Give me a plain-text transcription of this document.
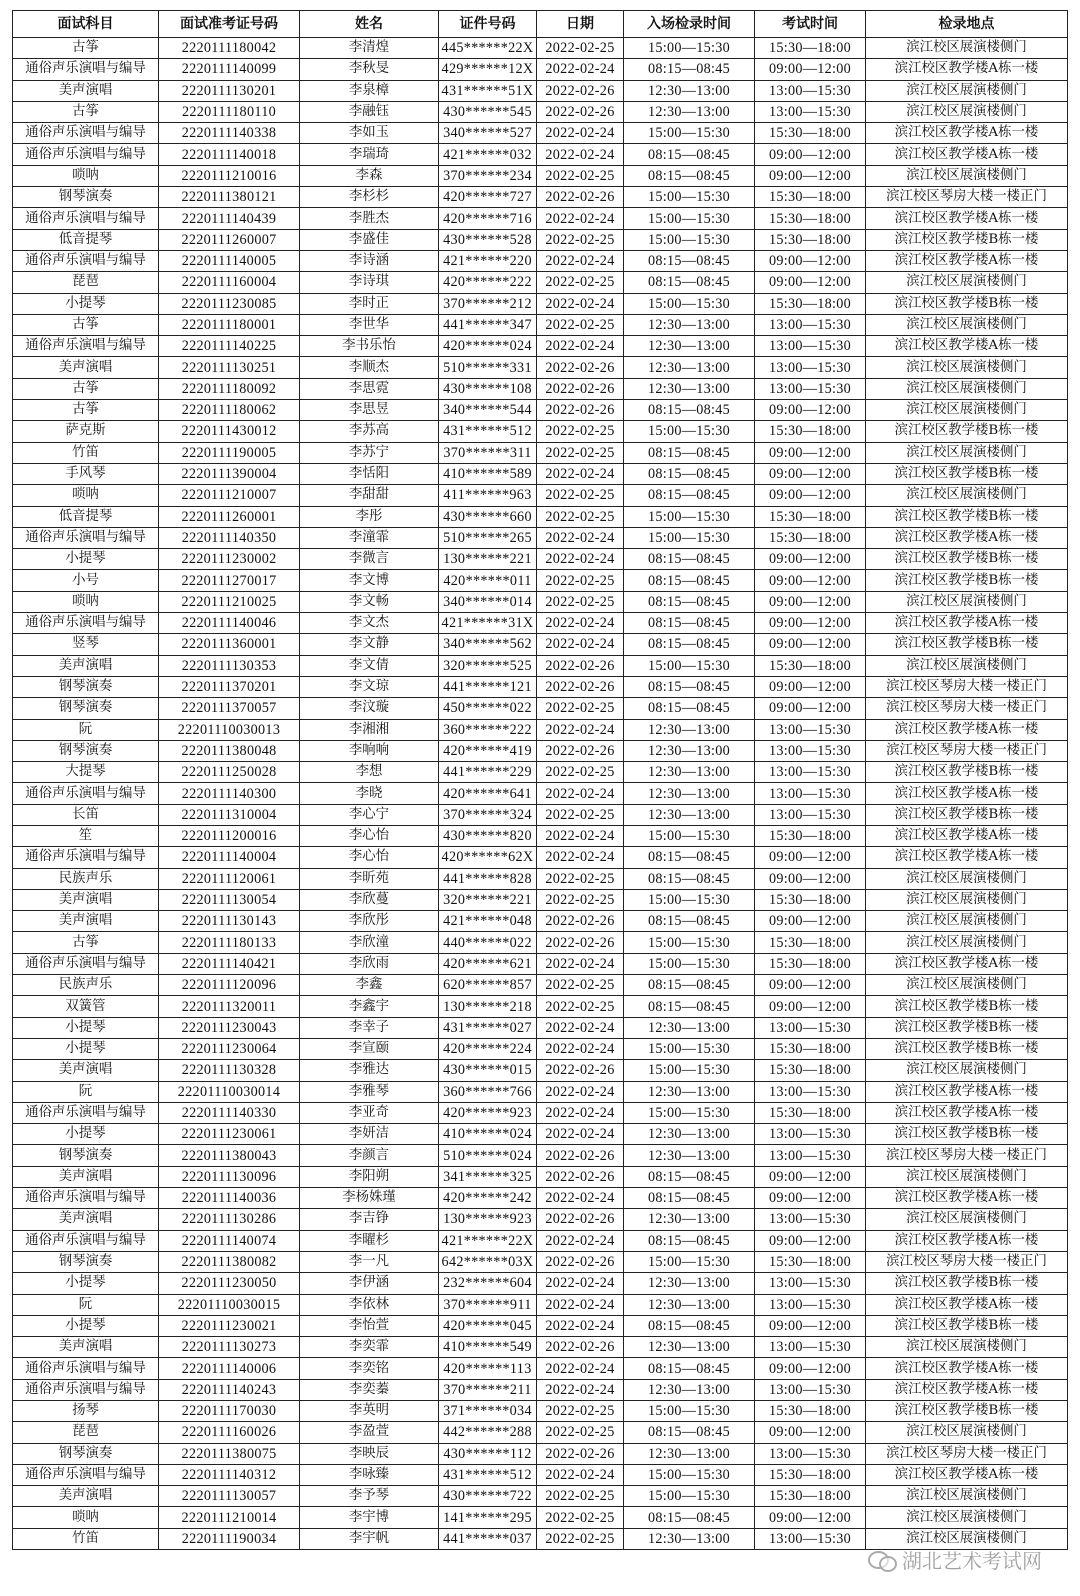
面试科目	面试准考证号码	姓名	证件号码	日期	入场检录时间	考试时间	检录地点
古筝	2220111180042	李清煌	445******22X	2022-02-25	15:00—15:30	15:30—18:00	滨江校区展演楼侧门
通俗声乐演唱与编导	2220111140099	李秋旻	429******12X	2022-02-24	08:15—08:45	09:00—12:00	滨江校区教学楼A栋一楼
美声演唱	2220111130201	李泉樟	431******51X	2022-02-26	12:30—13:00	13:00—15:30	滨江校区展演楼侧门
古筝	2220111180110	李融钰	430******545	2022-02-26	12:30—13:00	13:00—15:30	滨江校区展演楼侧门
通俗声乐演唱与编导	2220111140338	李如玉	340******527	2022-02-24	15:00—15:30	15:30—18:00	滨江校区教学楼A栋一楼
通俗声乐演唱与编导	2220111140018	李瑞琦	421******032	2022-02-24	08:15—08:45	09:00—12:00	滨江校区教学楼A栋一楼
唢呐	2220111210016	李森	370******234	2022-02-25	08:15—08:45	09:00—12:00	滨江校区展演楼侧门
钢琴演奏	2220111380121	李杉杉	420******727	2022-02-26	15:00—15:30	15:30—18:00	滨江校区琴房大楼一楼正门
通俗声乐演唱与编导	2220111140439	李胜杰	420******716	2022-02-24	15:00—15:30	15:30—18:00	滨江校区教学楼A栋一楼
低音提琴	2220111260007	李盛佳	430******528	2022-02-25	15:00—15:30	15:30—18:00	滨江校区教学楼B栋一楼
通俗声乐演唱与编导	2220111140005	李诗涵	421******220	2022-02-24	08:15—08:45	09:00—12:00	滨江校区教学楼A栋一楼
琵琶	2220111160004	李诗琪	420******222	2022-02-25	08:15—08:45	09:00—12:00	滨江校区展演楼侧门
小提琴	2220111230085	李时正	370******212	2022-02-24	15:00—15:30	15:30—18:00	滨江校区教学楼B栋一楼
古筝	2220111180001	李世华	441******347	2022-02-25	12:30—13:00	13:00—15:30	滨江校区展演楼侧门
通俗声乐演唱与编导	2220111140225	李书乐怡	420******024	2022-02-24	12:30—13:00	13:00—15:30	滨江校区教学楼A栋一楼
美声演唱	2220111130251	李顺杰	510******331	2022-02-26	12:30—13:00	13:00—15:30	滨江校区展演楼侧门
古筝	2220111180092	李思霓	430******108	2022-02-26	12:30—13:00	13:00—15:30	滨江校区展演楼侧门
古筝	2220111180062	李思昱	340******544	2022-02-26	08:15—08:45	09:00—12:00	滨江校区展演楼侧门
萨克斯	2220111430012	李苏高	431******512	2022-02-25	15:00—15:30	15:30—18:00	滨江校区教学楼B栋一楼
竹笛	2220111190005	李苏宁	370******311	2022-02-25	08:15—08:45	09:00—12:00	滨江校区展演楼侧门
手风琴	2220111390004	李恬阳	410******589	2022-02-24	08:15—08:45	09:00—12:00	滨江校区教学楼B栋一楼
唢呐	2220111210007	李甜甜	411******963	2022-02-25	08:15—08:45	09:00—12:00	滨江校区展演楼侧门
低音提琴	2220111260001	李彤	430******660	2022-02-25	15:00—15:30	15:30—18:00	滨江校区教学楼B栋一楼
通俗声乐演唱与编导	2220111140350	李潼霏	510******265	2022-02-24	15:00—15:30	15:30—18:00	滨江校区教学楼A栋一楼
小提琴	2220111230002	李微言	130******221	2022-02-24	08:15—08:45	09:00—12:00	滨江校区教学楼B栋一楼
小号	2220111270017	李文博	420******011	2022-02-25	08:15—08:45	09:00—12:00	滨江校区教学楼B栋一楼
唢呐	2220111210025	李文畅	340******014	2022-02-25	08:15—08:45	09:00—12:00	滨江校区展演楼侧门
通俗声乐演唱与编导	2220111140046	李文杰	421******31X	2022-02-24	08:15—08:45	09:00—12:00	滨江校区教学楼A栋一楼
竖琴	2220111360001	李文静	340******562	2022-02-24	08:15—08:45	09:00—12:00	滨江校区教学楼B栋一楼
美声演唱	2220111130353	李文倩	320******525	2022-02-26	15:00—15:30	15:30—18:00	滨江校区展演楼侧门
钢琴演奏	2220111370201	李文琼	441******121	2022-02-26	08:15—08:45	09:00—12:00	滨江校区琴房大楼一楼正门
钢琴演奏	2220111370057	李汶璇	450******022	2022-02-25	08:15—08:45	09:00—12:00	滨江校区琴房大楼一楼正门
阮	22201110030013	李湘湘	360******222	2022-02-24	12:30—13:00	13:00—15:30	滨江校区教学楼A栋一楼
钢琴演奏	2220111380048	李响响	420******419	2022-02-26	12:30—13:00	13:00—15:30	滨江校区琴房大楼一楼正门
大提琴	2220111250028	李想	441******229	2022-02-25	12:30—13:00	13:00—15:30	滨江校区教学楼B栋一楼
通俗声乐演唱与编导	2220111140300	李晓	420******641	2022-02-24	12:30—13:00	13:00—15:30	滨江校区教学楼A栋一楼
长笛	2220111310004	李心宁	370******324	2022-02-25	12:30—13:00	13:00—15:30	滨江校区教学楼B栋一楼
笙	2220111200016	李心怡	430******820	2022-02-24	15:00—15:30	15:30—18:00	滨江校区教学楼A栋一楼
通俗声乐演唱与编导	2220111140004	李心怡	420******62X	2022-02-24	08:15—08:45	09:00—12:00	滨江校区教学楼A栋一楼
民族声乐	2220111120061	李昕苑	441******828	2022-02-25	08:15—08:45	09:00—12:00	滨江校区展演楼侧门
美声演唱	2220111130054	李欣蔓	320******221	2022-02-25	15:00—15:30	15:30—18:00	滨江校区展演楼侧门
美声演唱	2220111130143	李欣彤	421******048	2022-02-26	08:15—08:45	09:00—12:00	滨江校区展演楼侧门
古筝	2220111180133	李欣潼	440******022	2022-02-26	15:00—15:30	15:30—18:00	滨江校区展演楼侧门
通俗声乐演唱与编导	2220111140421	李欣雨	420******621	2022-02-24	15:00—15:30	15:30—18:00	滨江校区教学楼A栋一楼
民族声乐	2220111120096	李鑫	620******857	2022-02-25	08:15—08:45	09:00—12:00	滨江校区展演楼侧门
双簧管	2220111320011	李鑫宇	130******218	2022-02-25	08:15—08:45	09:00—12:00	滨江校区教学楼B栋一楼
小提琴	2220111230043	李幸子	431******027	2022-02-24	12:30—13:00	13:00—15:30	滨江校区教学楼B栋一楼
小提琴	2220111230064	李宣颐	420******224	2022-02-24	15:00—15:30	15:30—18:00	滨江校区教学楼B栋一楼
美声演唱	2220111130328	李雅达	430******015	2022-02-26	15:00—15:30	15:30—18:00	滨江校区展演楼侧门
阮	22201110030014	李雅琴	360******766	2022-02-24	12:30—13:00	13:00—15:30	滨江校区教学楼A栋一楼
通俗声乐演唱与编导	2220111140330	李亚奇	420******923	2022-02-24	15:00—15:30	15:30—18:00	滨江校区教学楼A栋一楼
小提琴	2220111230061	李妍洁	410******024	2022-02-24	12:30—13:00	13:00—15:30	滨江校区教学楼B栋一楼
钢琴演奏	2220111380043	李颜言	510******024	2022-02-26	12:30—13:00	13:00—15:30	滨江校区琴房大楼一楼正门
美声演唱	2220111130096	李阳朔	341******325	2022-02-26	08:15—08:45	09:00—12:00	滨江校区展演楼侧门
通俗声乐演唱与编导	2220111140036	李杨姝瑾	420******242	2022-02-24	08:15—08:45	09:00—12:00	滨江校区教学楼A栋一楼
美声演唱	2220111130286	李吉铮	130******923	2022-02-26	12:30—13:00	13:00—15:30	滨江校区展演楼侧门
通俗声乐演唱与编导	2220111140074	李曜杉	421******22X	2022-02-24	08:15—08:45	09:00—12:00	滨江校区教学楼A栋一楼
钢琴演奏	2220111380082	李一凡	642******03X	2022-02-26	15:00—15:30	15:30—18:00	滨江校区琴房大楼一楼正门
小提琴	2220111230050	李伊涵	232******604	2022-02-24	12:30—13:00	13:00—15:30	滨江校区教学楼B栋一楼
阮	22201110030015	李依林	370******911	2022-02-24	12:30—13:00	13:00—15:30	滨江校区教学楼A栋一楼
小提琴	2220111230021	李怡萱	420******045	2022-02-24	08:15—08:45	09:00—12:00	滨江校区教学楼B栋一楼
美声演唱	2220111130273	李奕霏	410******549	2022-02-26	12:30—13:00	13:00—15:30	滨江校区展演楼侧门
通俗声乐演唱与编导	2220111140006	李奕铭	420******113	2022-02-24	08:15—08:45	09:00—12:00	滨江校区教学楼A栋一楼
通俗声乐演唱与编导	2220111140243	李奕蓁	370******211	2022-02-24	12:30—13:00	13:00—15:30	滨江校区教学楼A栋一楼
扬琴	2220111170030	李英明	371******034	2022-02-25	15:00—15:30	15:30—18:00	滨江校区教学楼B栋一楼
琵琶	2220111160026	李盈萱	442******288	2022-02-25	08:15—08:45	09:00—12:00	滨江校区展演楼侧门
钢琴演奏	2220111380075	李映辰	430******112	2022-02-26	12:30—13:00	13:00—15:30	滨江校区琴房大楼一楼正门
通俗声乐演唱与编导	2220111140312	李咏臻	431******512	2022-02-24	15:00—15:30	15:30—18:00	滨江校区教学楼A栋一楼
美声演唱	2220111130057	李予琴	430******722	2022-02-25	15:00—15:30	15:30—18:00	滨江校区展演楼侧门
唢呐	2220111210014	李宇博	141******295	2022-02-25	08:15—08:45	09:00—12:00	滨江校区展演楼侧门
竹笛	2220111190034	李宇帆	441******037	2022-02-25	12:30—13:00	13:00—15:30	滨江校区展演楼侧门
湖北艺术考试网
